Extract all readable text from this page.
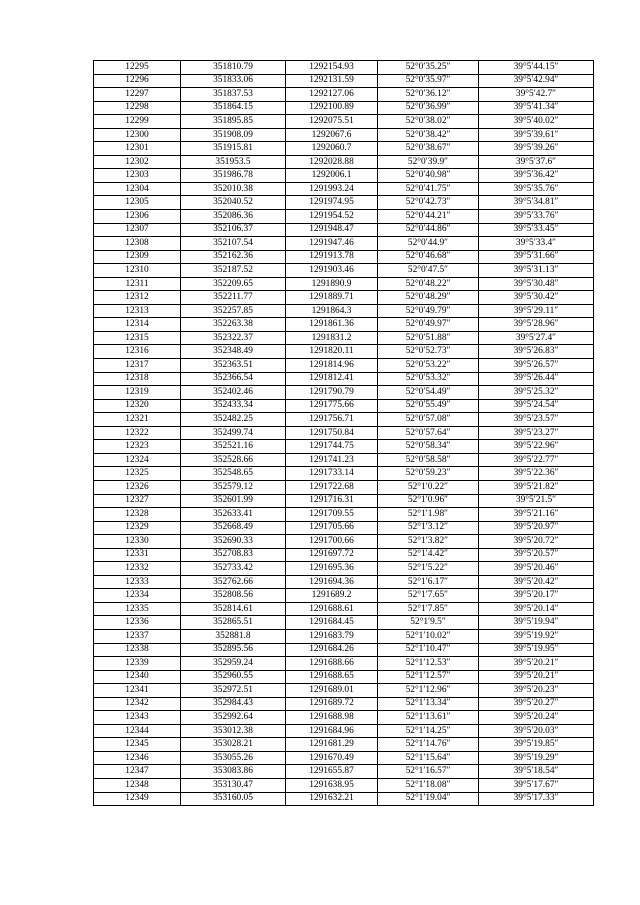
12295	351810.79	1292154.93	52°0′35.25″	39°5′44.15″
12296	351833.06	1292131.59	52°0′35.97″	39°5′42.94″
12297	351837.53	1292127.06	52°0′36.12″	39°5′42.7″
12298	351864.15	1292100.89	52°0′36.99″	39°5′41.34″
12299	351895.85	1292075.51	52°0′38.02″	39°5′40.02″
12300	351908.09	1292067.6	52°0′38.42″	39°5′39.61″
12301	351915.81	1292060.7	52°0′38.67″	39°5′39.26″
12302	351953.5	1292028.88	52°0′39.9″	39°5′37.6″
12303	351986.78	1292006.1	52°0′40.98″	39°5′36.42″
12304	352010.38	1291993.24	52°0′41.75″	39°5′35.76″
12305	352040.52	1291974.95	52°0′42.73″	39°5′34.81″
12306	352086.36	1291954.52	52°0′44.21″	39°5′33.76″
12307	352106.37	1291948.47	52°0′44.86″	39°5′33.45″
12308	352107.54	1291947.46	52°0′44.9″	39°5′33.4″
12309	352162.36	1291913.78	52°0′46.68″	39°5′31.66″
12310	352187.52	1291903.46	52°0′47.5″	39°5′31.13″
12311	352209.65	1291890.9	52°0′48.22″	39°5′30.48″
12312	352211.77	1291889.71	52°0′48.29″	39°5′30.42″
12313	352257.85	1291864.3	52°0′49.79″	39°5′29.11″
12314	352263.38	1291861.36	52°0′49.97″	39°5′28.96″
12315	352322.37	1291831.2	52°0′51.88″	39°5′27.4″
12316	352348.49	1291820.11	52°0′52.73″	39°5′26.83″
12317	352363.51	1291814.96	52°0′53.22″	39°5′26.57″
12318	352366.54	1291812.41	52°0′53.32″	39°5′26.44″
12319	352402.46	1291790.79	52°0′54.49″	39°5′25.32″
12320	352433.34	1291775.66	52°0′55.49″	39°5′24.54″
12321	352482.25	1291756.71	52°0′57.08″	39°5′23.57″
12322	352499.74	1291750.84	52°0′57.64″	39°5′23.27″
12323	352521.16	1291744.75	52°0′58.34″	39°5′22.96″
12324	352528.66	1291741.23	52°0′58.58″	39°5′22.77″
12325	352548.65	1291733.14	52°0′59.23″	39°5′22.36″
12326	352579.12	1291722.68	52°1′0.22″	39°5′21.82″
12327	352601.99	1291716.31	52°1′0.96″	39°5′21.5″
12328	352633.41	1291709.55	52°1′1.98″	39°5′21.16″
12329	352668.49	1291705.66	52°1′3.12″	39°5′20.97″
12330	352690.33	1291700.66	52°1′3.82″	39°5′20.72″
12331	352708.83	1291697.72	52°1′4.42″	39°5′20.57″
12332	352733.42	1291695.36	52°1′5.22″	39°5′20.46″
12333	352762.66	1291694.36	52°1′6.17″	39°5′20.42″
12334	352808.56	1291689.2	52°1′7.65″	39°5′20.17″
12335	352814.61	1291688.61	52°1′7.85″	39°5′20.14″
12336	352865.51	1291684.45	52°1′9.5″	39°5′19.94″
12337	352881.8	1291683.79	52°1′10.02″	39°5′19.92″
12338	352895.56	1291684.26	52°1′10.47″	39°5′19.95″
12339	352959.24	1291688.66	52°1′12.53″	39°5′20.21″
12340	352960.55	1291688.65	52°1′12.57″	39°5′20.21″
12341	352972.51	1291689.01	52°1′12.96″	39°5′20.23″
12342	352984.43	1291689.72	52°1′13.34″	39°5′20.27″
12343	352992.64	1291688.98	52°1′13.61″	39°5′20.24″
12344	353012.38	1291684.96	52°1′14.25″	39°5′20.03″
12345	353028.21	1291681.29	52°1′14.76″	39°5′19.85″
12346	353055.26	1291670.49	52°1′15.64″	39°5′19.29″
12347	353083.86	1291655.87	52°1′16.57″	39°5′18.54″
12348	353130.47	1291638.95	52°1′18.08″	39°5′17.67″
12349	353160.05	1291632.21	52°1′19.04″	39°5′17.33″
